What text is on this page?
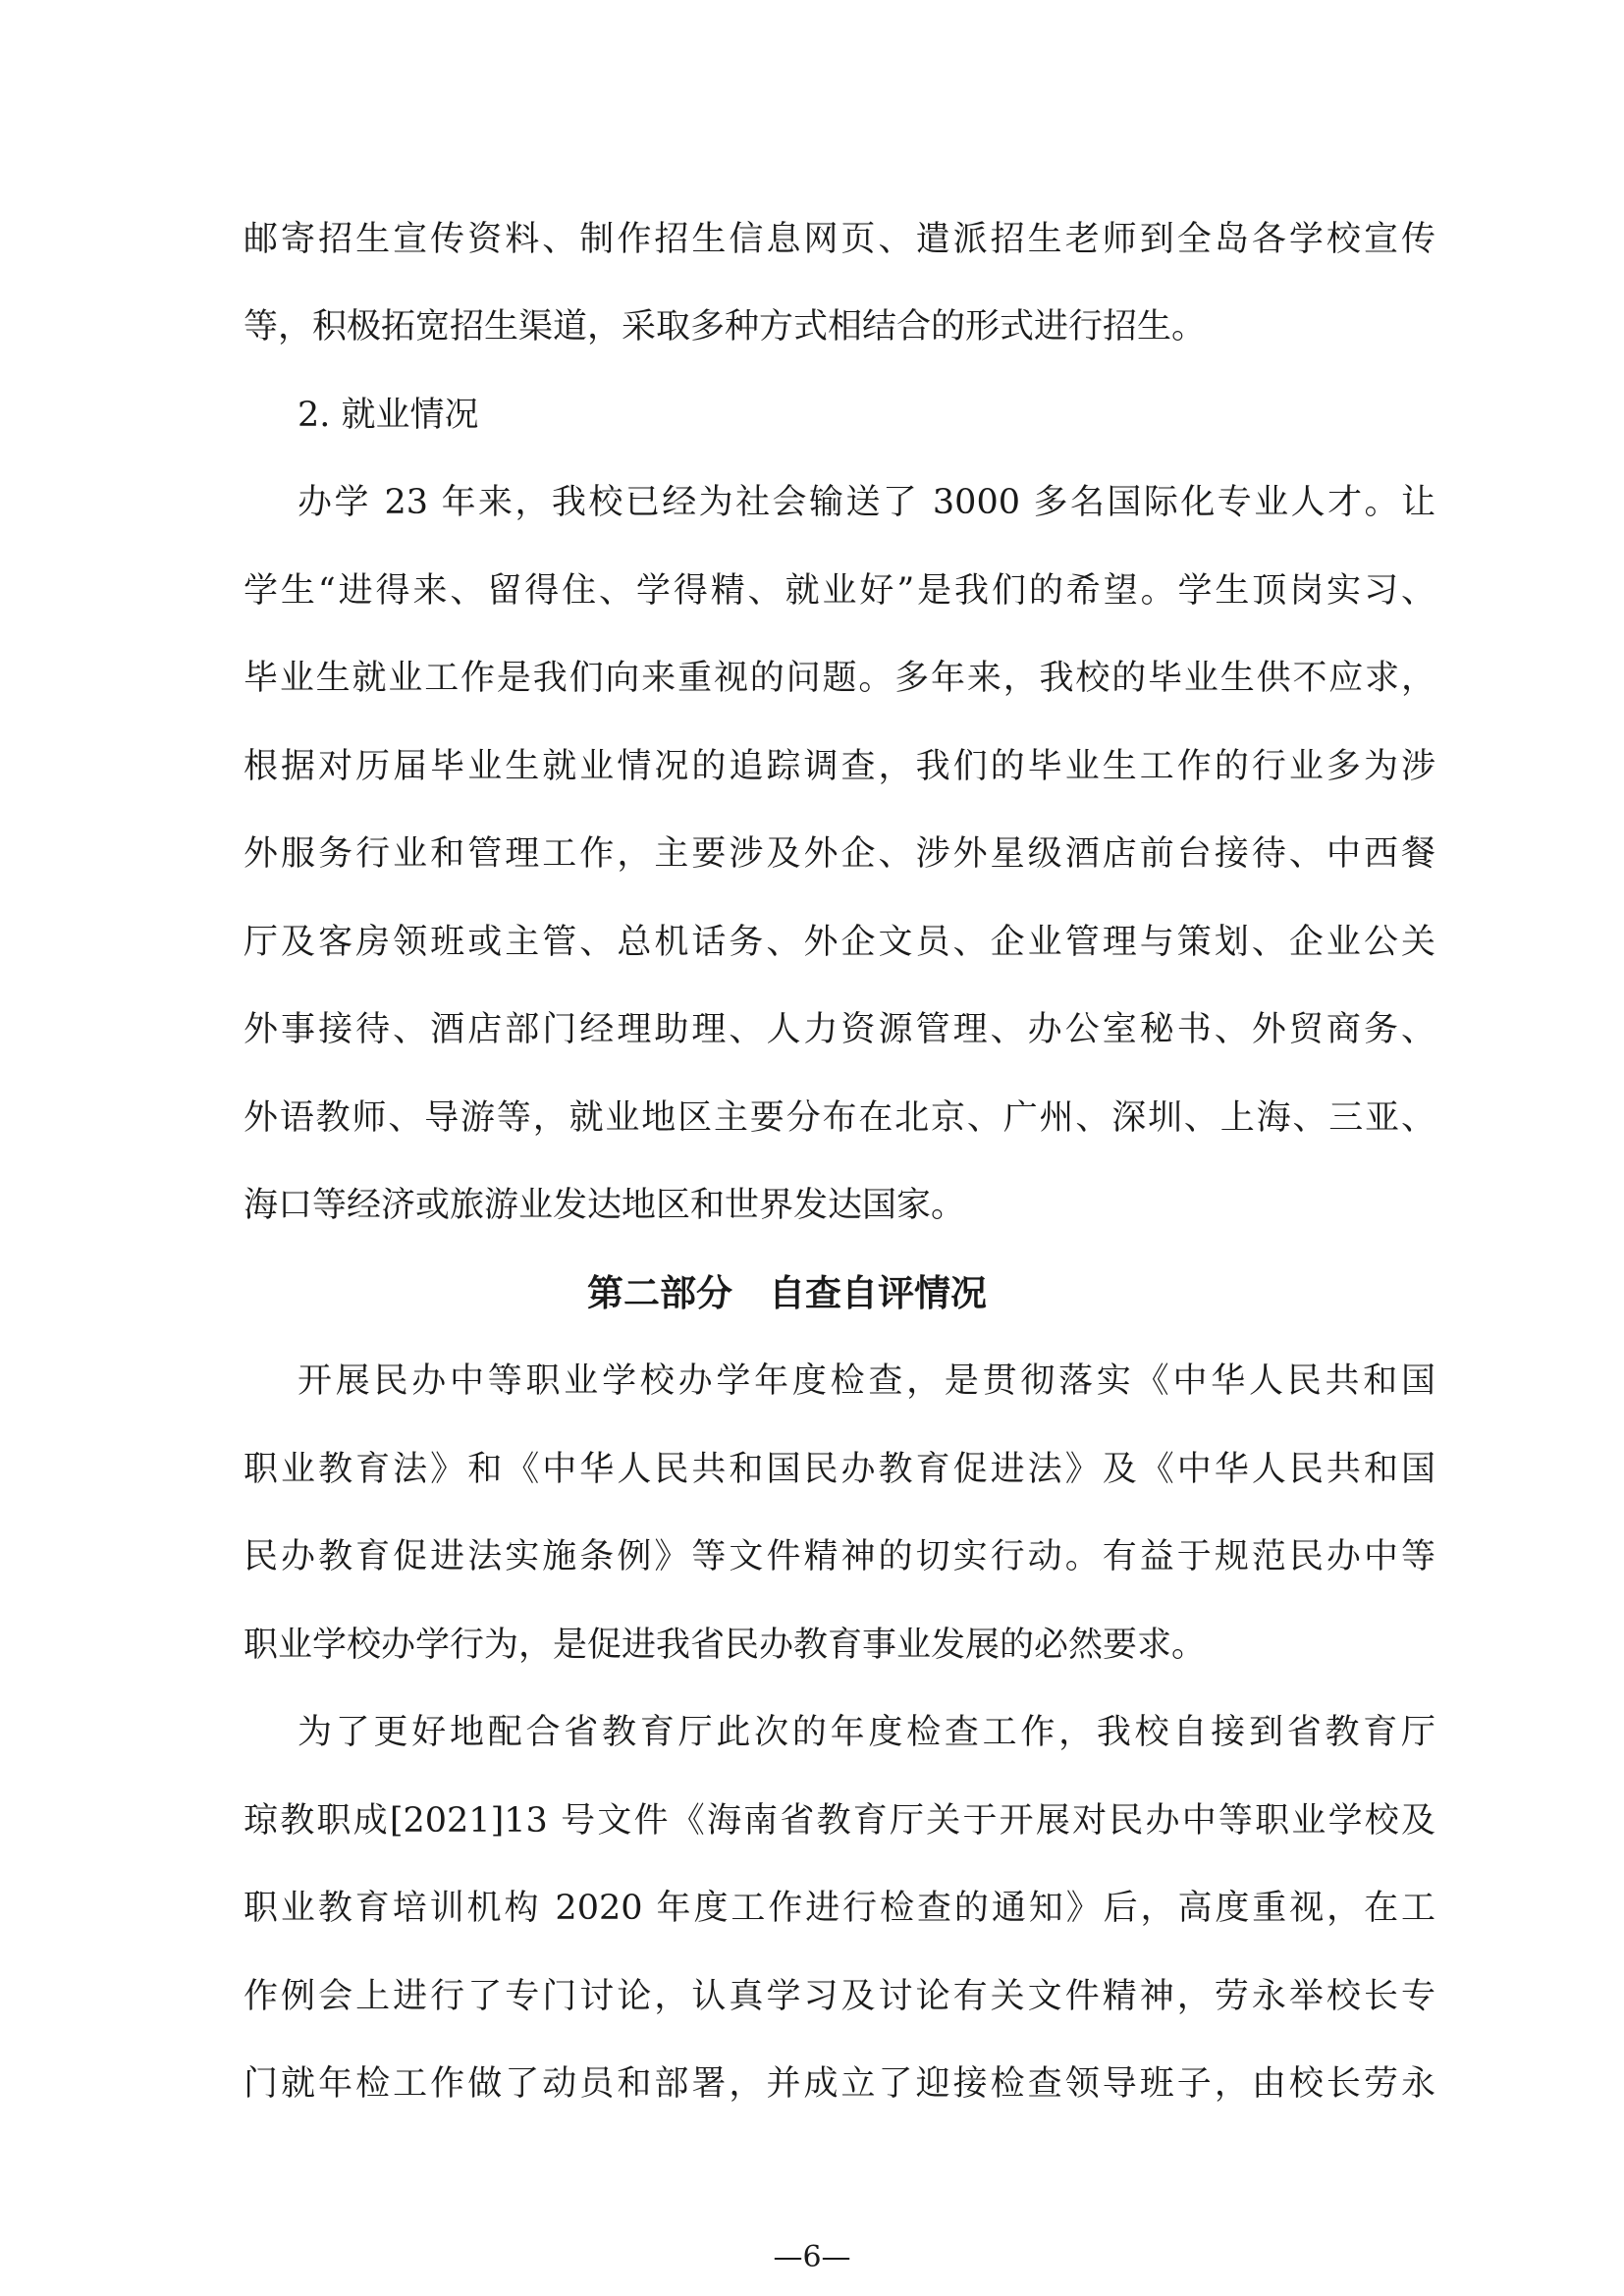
邮寄招生宣传资料、制作招生信息网页、遣派招生老师到全岛各学校宣传
等，积极拓宽招生渠道，采取多种方式相结合的形式进行招生。
2. 就业情况
办学 23 年来，我校已经为社会输送了 3000 多名国际化专业人才。让
学生“进得来、留得住、学得精、就业好”是我们的希望。学生顶岗实习、
毕业生就业工作是我们向来重视的问题。多年来，我校的毕业生供不应求，
根据对历届毕业生就业情况的追踪调查，我们的毕业生工作的行业多为涉
外服务行业和管理工作，主要涉及外企、涉外星级酒店前台接待、中西餐
厅及客房领班或主管、总机话务、外企文员、企业管理与策划、企业公关
外事接待、酒店部门经理助理、人力资源管理、办公室秘书、外贸商务、
外语教师、导游等，就业地区主要分布在北京、广州、深圳、上海、三亚、
海口等经济或旅游业发达地区和世界发达国家。
第二部分　自查自评情况
开展民办中等职业学校办学年度检查，是贯彻落实《中华人民共和国
职业教育法》和《中华人民共和国民办教育促进法》及《中华人民共和国
民办教育促进法实施条例》等文件精神的切实行动。有益于规范民办中等
职业学校办学行为，是促进我省民办教育事业发展的必然要求。
为了更好地配合省教育厅此次的年度检查工作，我校自接到省教育厅
琼教职成[2021]13 号文件《海南省教育厅关于开展对民办中等职业学校及
职业教育培训机构 2020 年度工作进行检查的通知》后，高度重视，在工
作例会上进行了专门讨论，认真学习及讨论有关文件精神，劳永举校长专
门就年检工作做了动员和部署，并成立了迎接检查领导班子，由校长劳永
—6—
